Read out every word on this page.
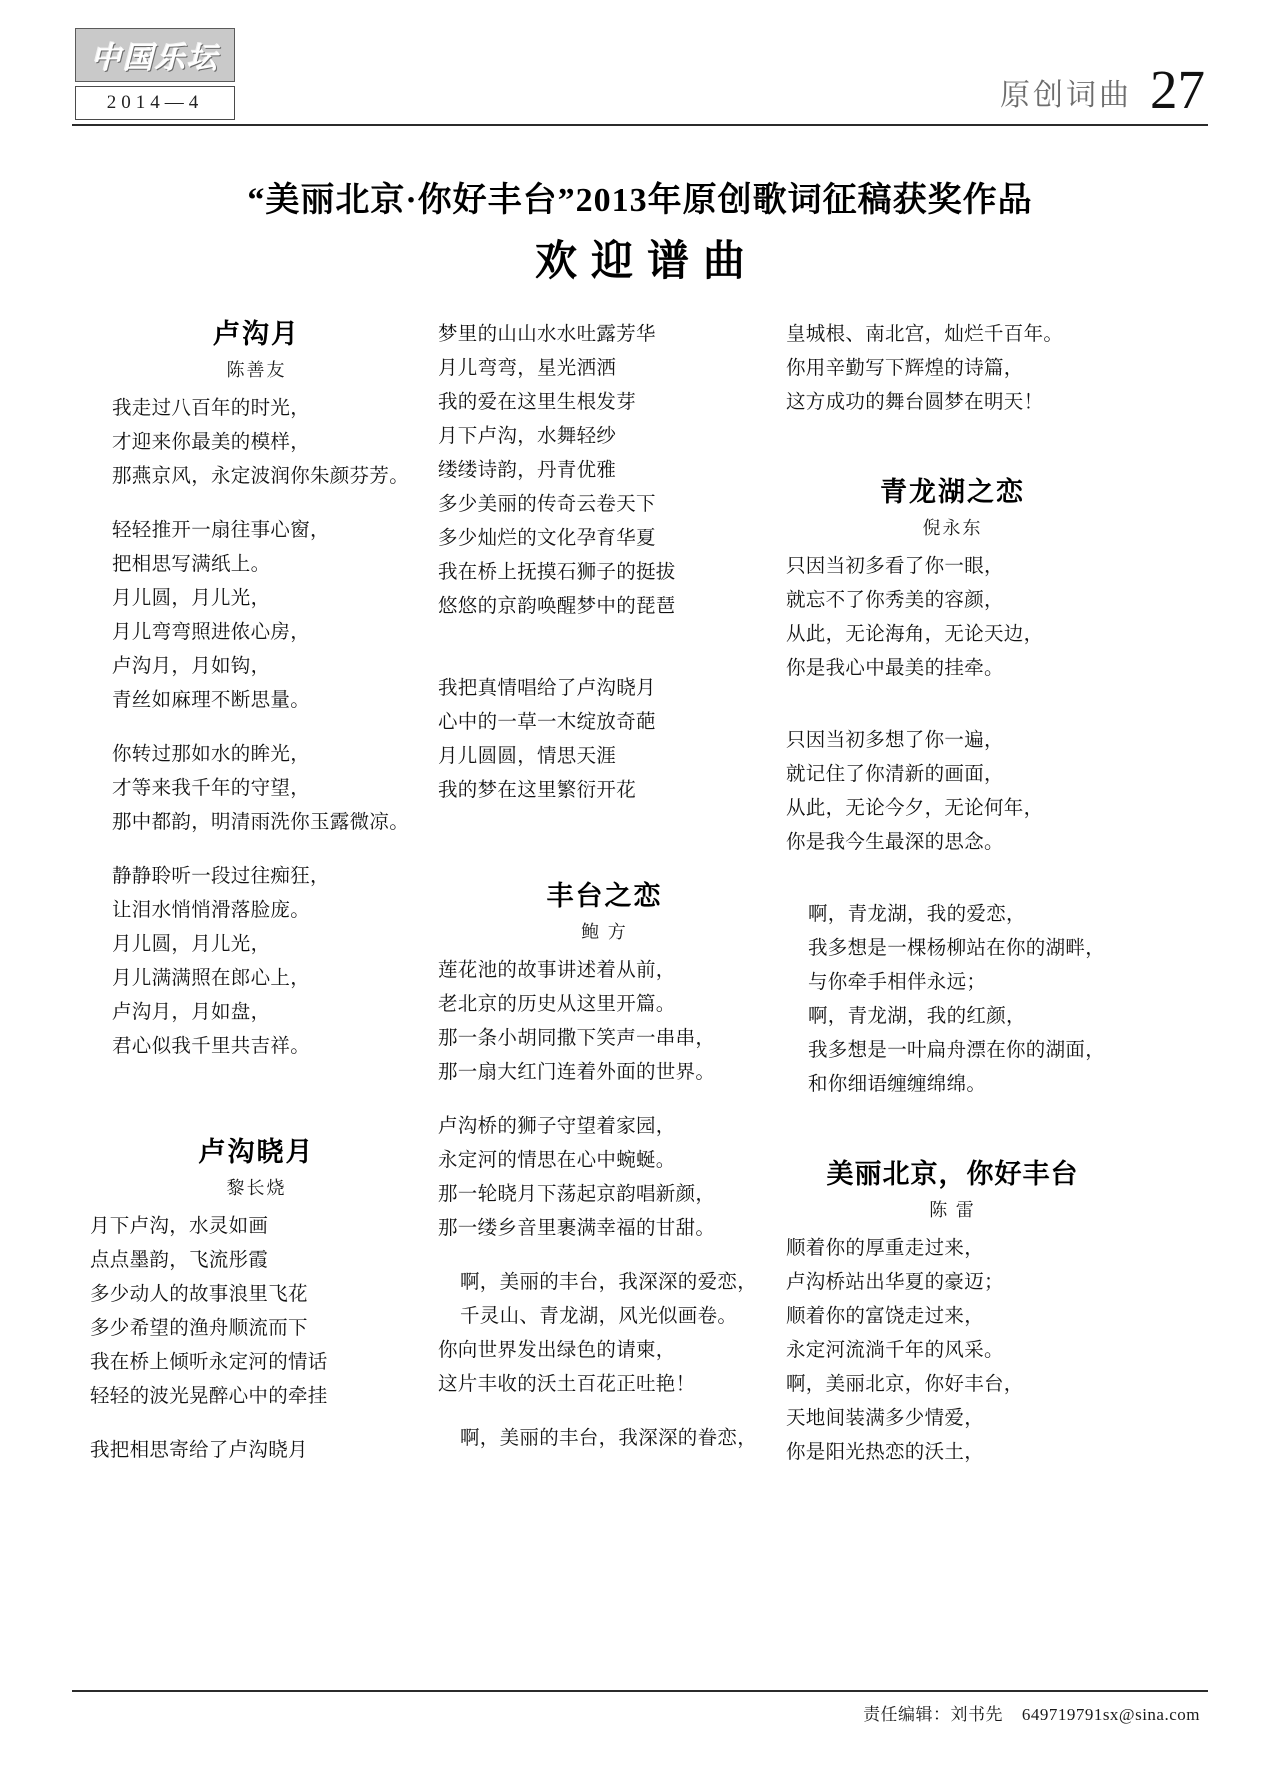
中国乐坛
2014—4	原创词曲 27
“美丽北京·你好丰台”2013年原创歌词征稿获奖作品
欢迎谱曲
卢沟月
陈善友
我走过八百年的时光，
才迎来你最美的模样，
那燕京风，永定波润你朱颜芬芳。
轻轻推开一扇往事心窗，
把相思写满纸上。
月儿圆，月儿光，
月儿弯弯照进侬心房，
卢沟月，月如钩，
青丝如麻理不断思量。
你转过那如水的眸光，
才等来我千年的守望，
那中都韵，明清雨洗你玉露微凉。
静静聆听一段过往痴狂，
让泪水悄悄滑落脸庞。
月儿圆，月儿光，
月儿满满照在郎心上，
卢沟月，月如盘，
君心似我千里共吉祥。
卢沟晓月
黎长烧
月下卢沟，水灵如画
点点墨韵，飞流彤霞
多少动人的故事浪里飞花
多少希望的渔舟顺流而下
我在桥上倾听永定河的情话
轻轻的波光晃醉心中的牵挂
我把相思寄给了卢沟晓月
梦里的山山水水吐露芳华
月儿弯弯，星光洒洒
我的爱在这里生根发芽
月下卢沟，水舞轻纱
缕缕诗韵，丹青优雅
多少美丽的传奇云卷天下
多少灿烂的文化孕育华夏
我在桥上抚摸石狮子的挺拔
悠悠的京韵唤醒梦中的琵琶
我把真情唱给了卢沟晓月
心中的一草一木绽放奇葩
月儿圆圆，情思天涯
我的梦在这里繁衍开花
丰台之恋
鲍 方
莲花池的故事讲述着从前，
老北京的历史从这里开篇。
那一条小胡同撒下笑声一串串，
那一扇大红门连着外面的世界。
卢沟桥的狮子守望着家园，
永定河的情思在心中蜿蜒。
那一轮晓月下荡起京韵唱新颜，
那一缕乡音里裹满幸福的甘甜。
啊，美丽的丰台，我深深的爱恋，
千灵山、青龙湖，风光似画卷。
你向世界发出绿色的请柬，
这片丰收的沃土百花正吐艳！
啊，美丽的丰台，我深深的眷恋，
皇城根、南北宫，灿烂千百年。
你用辛勤写下辉煌的诗篇，
这方成功的舞台圆梦在明天！
青龙湖之恋
倪永东
只因当初多看了你一眼，
就忘不了你秀美的容颜，
从此，无论海角，无论天边，
你是我心中最美的挂牵。
只因当初多想了你一遍，
就记住了你清新的画面，
从此，无论今夕，无论何年，
你是我今生最深的思念。
啊，青龙湖，我的爱恋，
我多想是一棵杨柳站在你的湖畔，
与你牵手相伴永远；
啊，青龙湖，我的红颜，
我多想是一叶扁舟漂在你的湖面，
和你细语缠缠绵绵。
美丽北京，你好丰台
陈 雷
顺着你的厚重走过来，
卢沟桥站出华夏的豪迈；
顺着你的富饶走过来，
永定河流淌千年的风采。
啊，美丽北京，你好丰台，
天地间装满多少情爱，
你是阳光热恋的沃土，
责任编辑：刘书先 649719791sx@sina.com
